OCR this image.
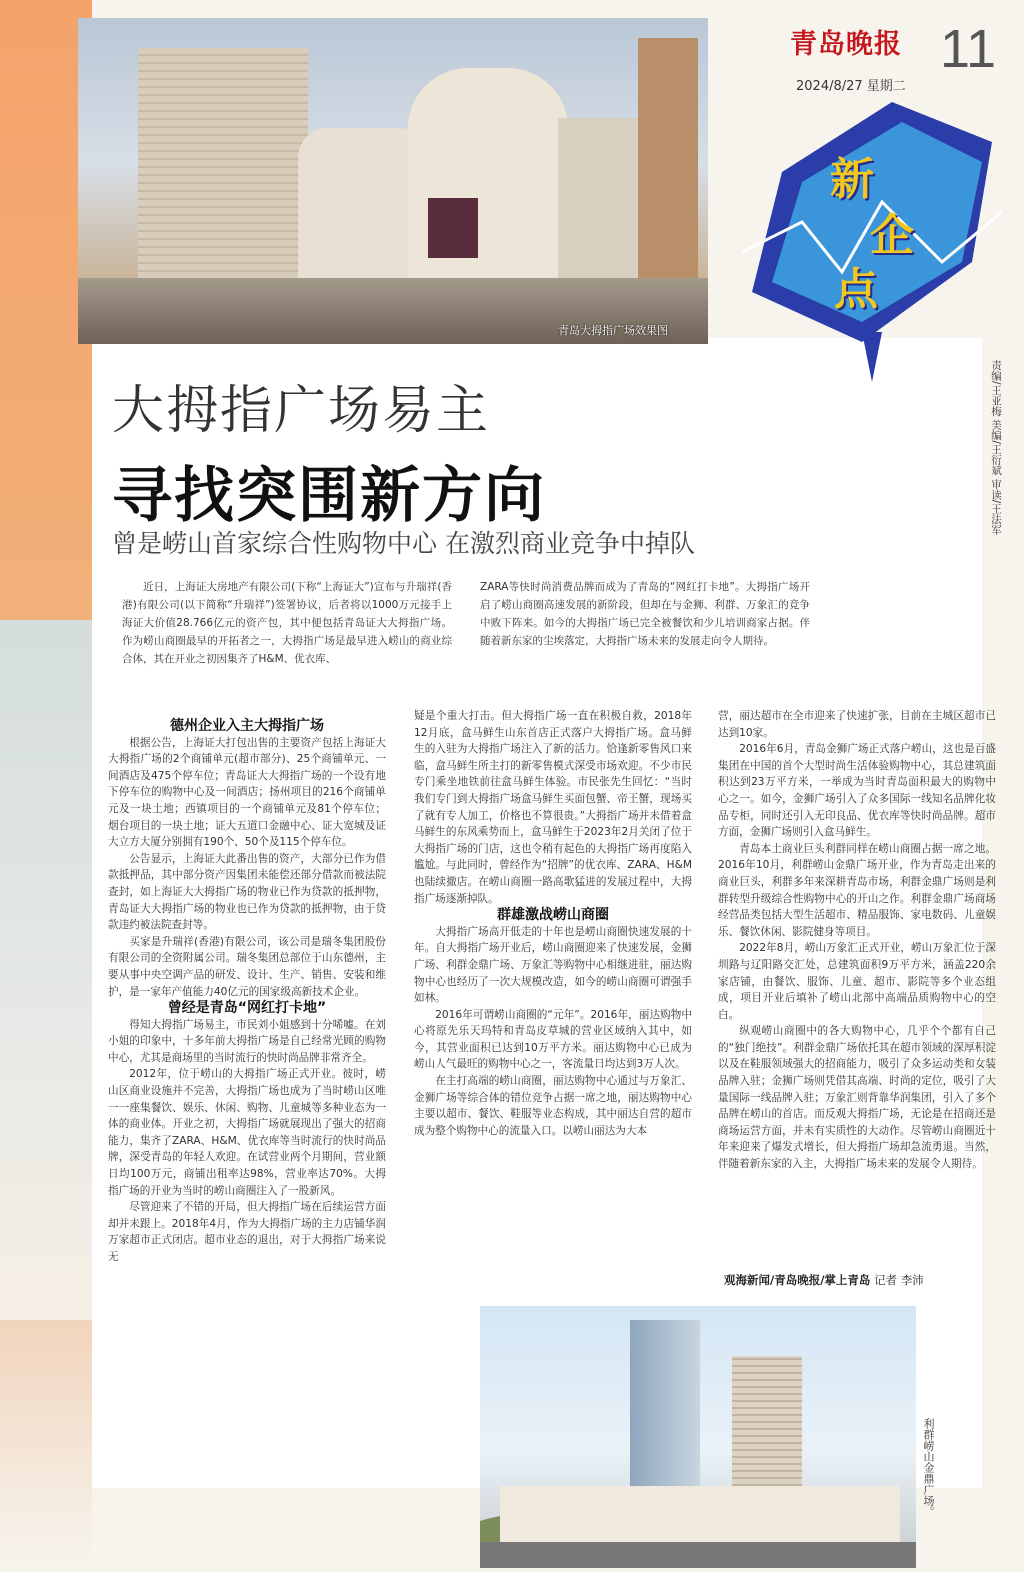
青岛大拇指广场效果图
青岛晚报 11
2024/8/27 星期二
新
企
点
责编/王亚梅 美编/王衍斌 审读/王法军
大拇指广场易主
寻找突围新方向
曾是崂山首家综合性购物中心 在激烈商业竞争中掉队
近日，上海证大房地产有限公司(下称“上海证大”)宣布与升瑞祥(香港)有限公司(以下简称“升瑞祥”)签署协议，后者将以1000万元接手上海证大价值28.766亿元的资产包，其中便包括青岛证大大拇指广场。作为崂山商圈最早的开拓者之一，大拇指广场是最早进入崂山的商业综合体，其在开业之初因集齐了H&M、优衣库、
ZARA等快时尚消费品牌而成为了青岛的“网红打卡地”。大拇指广场开启了崂山商圈高速发展的新阶段，但却在与金狮、利群、万象汇的竞争中败下阵来。如今的大拇指广场已完全被餐饮和少儿培训商家占据。伴随着新东家的尘埃落定，大拇指广场未来的发展走向令人期待。

德州企业入主大拇指广场

根据公告，上海证大打包出售的主要资产包括上海证大大拇指广场的2个商铺单元(超市部分)、25个商铺单元、一间酒店及475个停车位；青岛证大大拇指广场的一个设有地下停车位的购物中心及一间酒店；扬州项目的216个商铺单元及一块土地；西镇项目的一个商铺单元及81个停车位；烟台项目的一块土地；证大五道口金融中心、证大宽城及证大立方大厦分别拥有190个、50个及115个停车位。

公告显示，上海证大此番出售的资产，大部分已作为借款抵押品，其中部分资产因集团未能偿还部分借款而被法院查封，如上海证大大拇指广场的物业已作为贷款的抵押物，青岛证大大拇指广场的物业也已作为贷款的抵押物，由于贷款违约被法院查封等。

买家是升瑞祥(香港)有限公司，该公司是瑞冬集团股份有限公司的全资附属公司。瑞冬集团总部位于山东德州，主要从事中央空调产品的研发、设计、生产、销售、安装和维护，是一家年产值能力40亿元的国家级高新技术企业。

曾经是青岛“网红打卡地”

得知大拇指广场易主，市民刘小姐感到十分唏嘘。在刘小姐的印象中，十多年前大拇指广场是自己经常光顾的购物中心，尤其是商场里的当时流行的快时尚品牌非常齐全。

2012年，位于崂山的大拇指广场正式开业。彼时，崂山区商业设施并不完善，大拇指广场也成为了当时崂山区唯一一座集餐饮、娱乐、休闲、购物、儿童城等多种业态为一体的商业体。开业之初，大拇指广场就展现出了强大的招商能力，集齐了ZARA、H&M、优衣库等当时流行的快时尚品牌，深受青岛的年轻人欢迎。在试营业两个月期间，营业额日均100万元，商铺出租率达98%，营业率达70%。大拇指广场的开业为当时的崂山商圈注入了一股新风。

尽管迎来了不错的开局，但大拇指广场在后续运营方面却并未跟上。2018年4月，作为大拇指广场的主力店铺华润万家超市正式闭店。超市业态的退出，对于大拇指广场来说无

疑是个重大打击。但大拇指广场一直在积极自救，2018年12月底，盒马鲜生山东首店正式落户大拇指广场。盒马鲜生的入驻为大拇指广场注入了新的活力。恰逢新零售风口来临，盒马鲜生所主打的新零售模式深受市场欢迎。不少市民专门乘坐地铁前往盒马鲜生体验。市民张先生回忆：“当时我们专门到大拇指广场盒马鲜生买面包蟹、帝王蟹，现场买了就有专人加工，价格也不算很贵。”大拇指广场并未借着盒马鲜生的东风乘势而上，盒马鲜生于2023年2月关闭了位于大拇指广场的门店，这也令稍有起色的大拇指广场再度陷入尴尬。与此同时，曾经作为“招牌”的优衣库、ZARA、H&M也陆续撤店。在崂山商圈一路高歌猛进的发展过程中，大拇指广场逐渐掉队。

群雄激战崂山商圈

大拇指广场高开低走的十年也是崂山商圈快速发展的十年。自大拇指广场开业后，崂山商圈迎来了快速发展，金狮广场、利群金鼎广场、万象汇等购物中心相继进驻，丽达购物中心也经历了一次大规模改造，如今的崂山商圈可谓强手如林。

2016年可谓崂山商圈的“元年”。2016年，丽达购物中心将原先乐天玛特和青岛皮草城的营业区域纳入其中，如今，其营业面积已达到10万平方米。丽达购物中心已成为崂山人气最旺的购物中心之一，客流量日均达到3万人次。

在主打高端的崂山商圈，丽达购物中心通过与万象汇、金狮广场等综合体的错位竞争占据一席之地，丽达购物中心主要以超市、餐饮、鞋服等业态构成，其中丽达自营的超市成为整个购物中心的流量入口。以崂山丽达为大本

营，丽达超市在全市迎来了快速扩张，目前在主城区超市已达到10家。

2016年6月，青岛金狮广场正式落户崂山，这也是百盛集团在中国的首个大型时尚生活体验购物中心，其总建筑面积达到23万平方米，一举成为当时青岛面积最大的购物中心之一。如今，金狮广场引入了众多国际一线知名品牌化妆品专柜，同时还引入无印良品、优衣库等快时尚品牌。超市方面，金狮广场则引入盒马鲜生。

青岛本土商业巨头利群同样在崂山商圈占据一席之地。2016年10月，利群崂山金鼎广场开业，作为青岛走出来的商业巨头，利群多年来深耕青岛市场，利群金鼎广场则是利群转型升级综合性购物中心的开山之作。利群金鼎广场商场经营品类包括大型生活超市、精品服饰、家电数码、儿童娱乐、餐饮休闲、影院健身等项目。

2022年8月，崂山万象汇正式开业，崂山万象汇位于深圳路与辽阳路交汇处，总建筑面积9万平方米，涵盖220余家店铺，由餐饮、服饰、儿童、超市、影院等多个业态组成，项目开业后填补了崂山北部中高端品质购物中心的空白。

纵观崂山商圈中的各大购物中心，几乎个个都有自己的“独门绝技”。利群金鼎广场依托其在超市领域的深厚积淀以及在鞋服领域强大的招商能力，吸引了众多运动类和女装品牌入驻；金狮广场则凭借其高端、时尚的定位，吸引了大量国际一线品牌入驻；万象汇则背靠华润集团，引入了多个品牌在崂山的首店。而反观大拇指广场，无论是在招商还是商场运营方面，并未有实质性的大动作。尽管崂山商圈近十年来迎来了爆发式增长，但大拇指广场却急流勇退。当然，伴随着新东家的入主，大拇指广场未来的发展令人期待。

观海新闻/青岛晚报/掌上青岛 记者 李沛
利群崂山金鼎广场。
